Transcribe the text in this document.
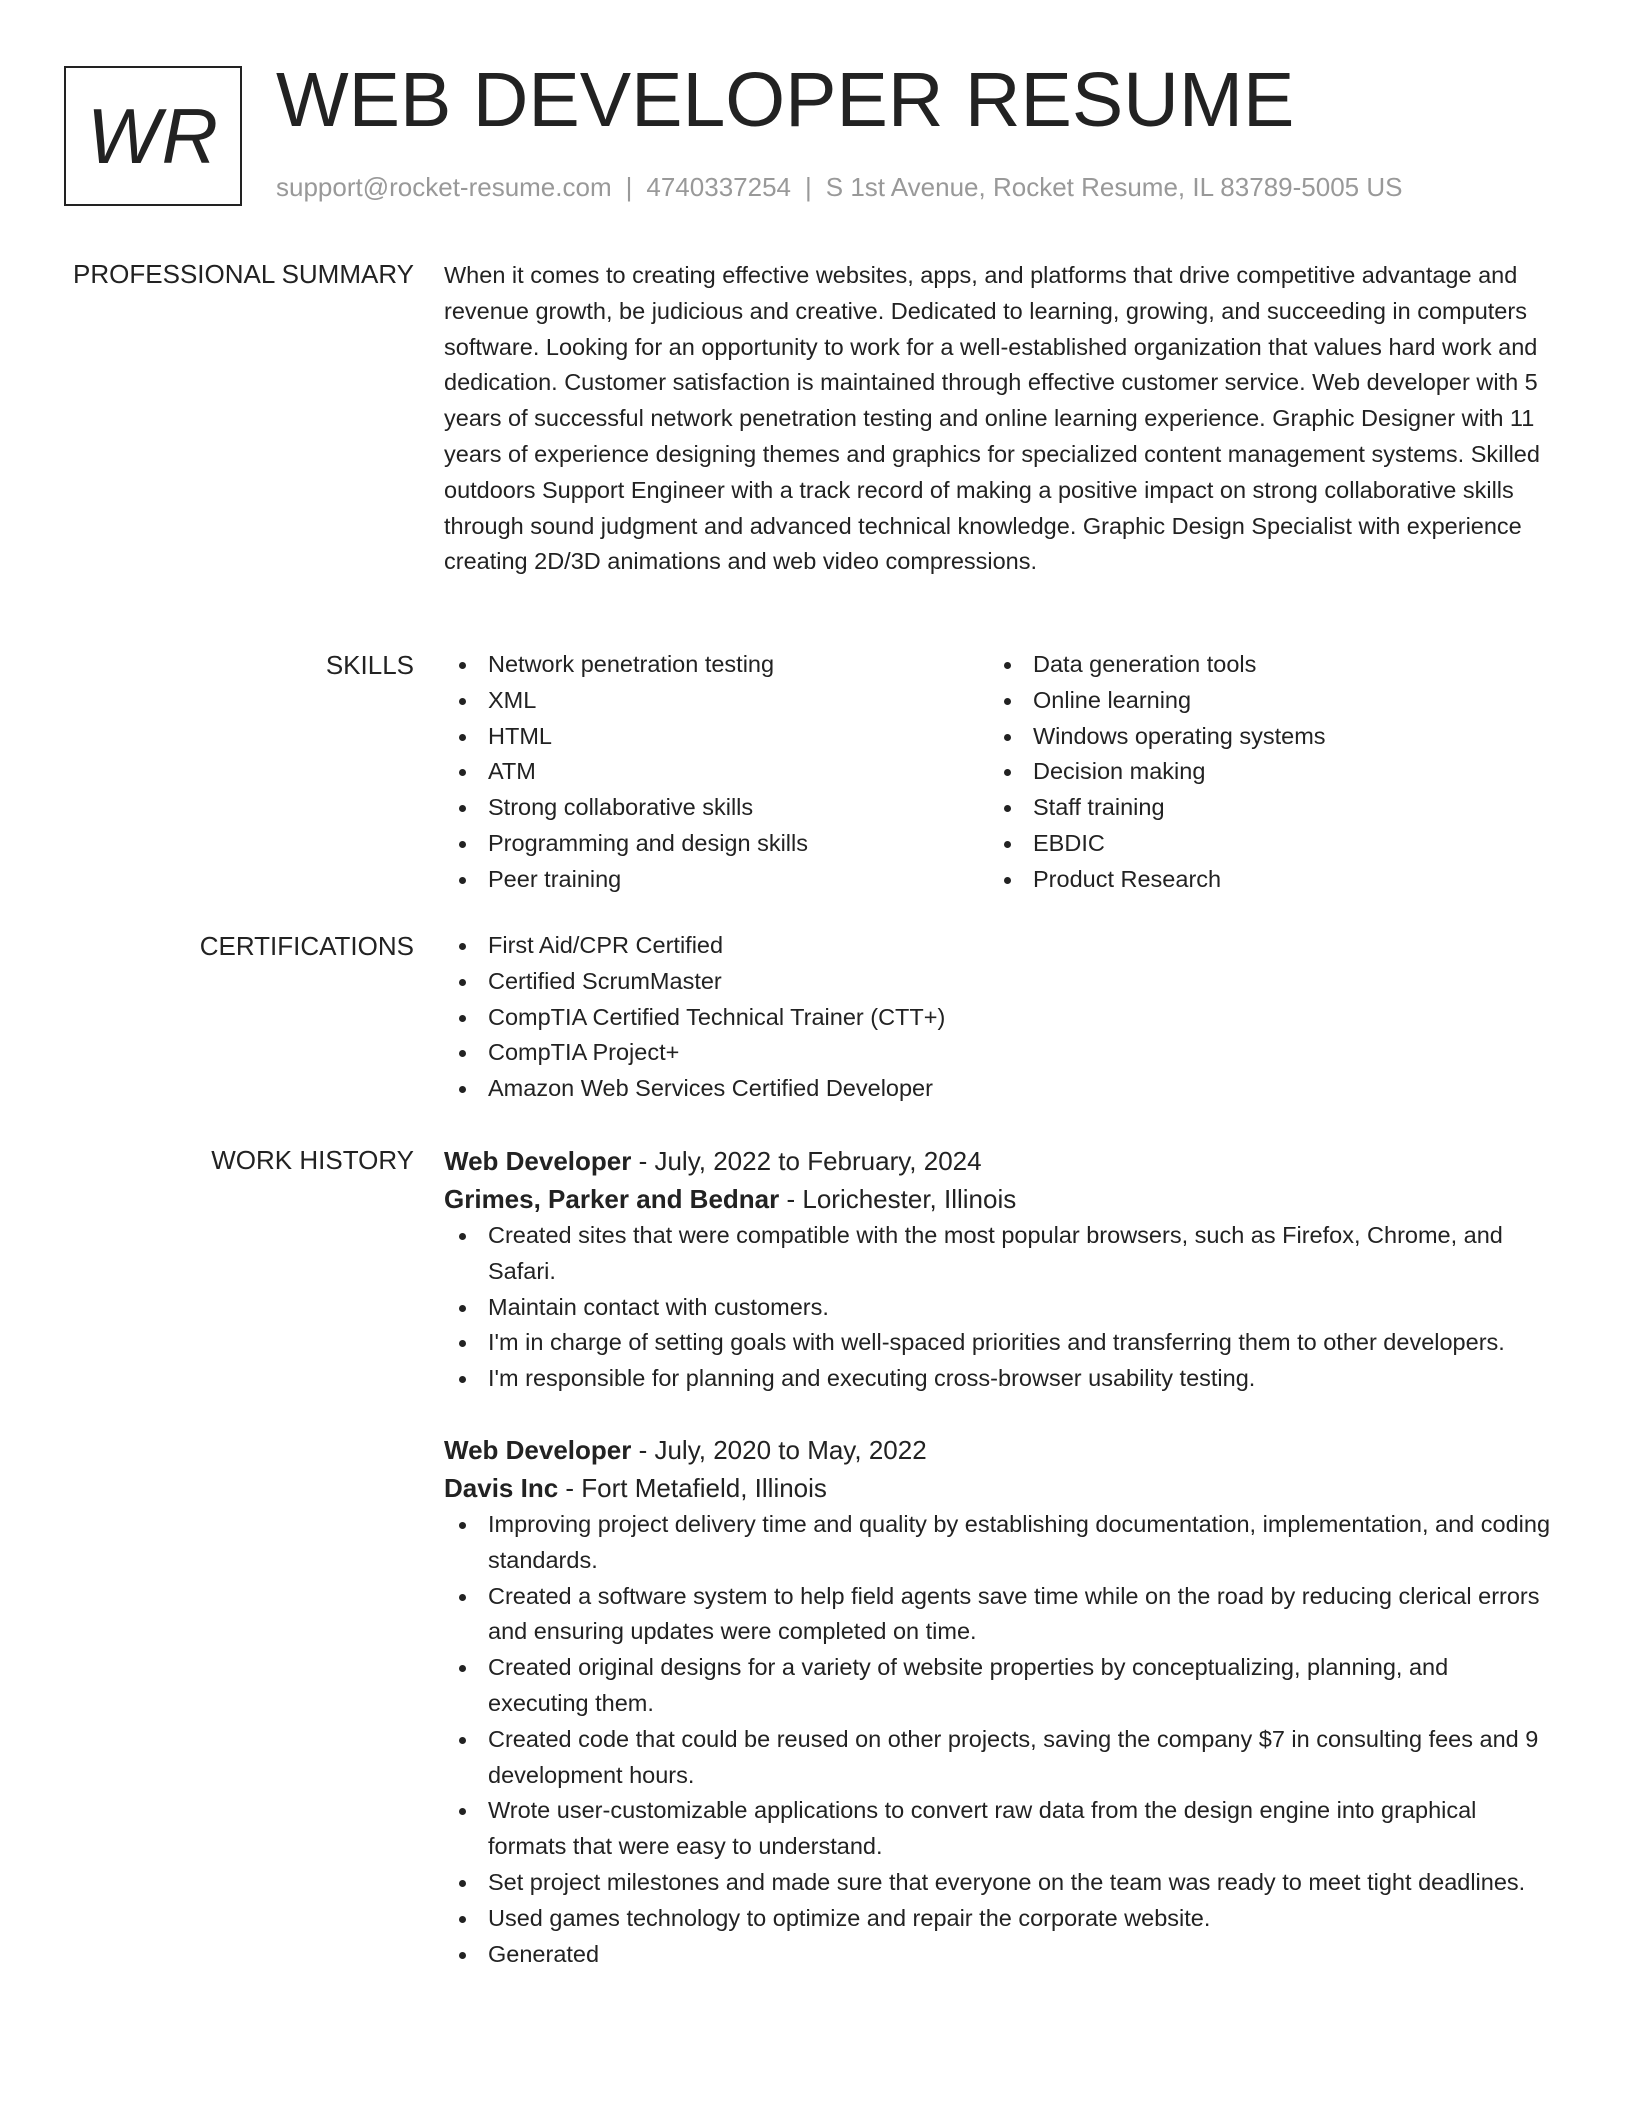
WR WEB DEVELOPER RESUME
support@rocket-resume.com | 4740337254 | S 1st Avenue, Rocket Resume, IL 83789-5005 US
PROFESSIONAL SUMMARY When it comes to creating effective websites, apps, and platforms that drive competitive advantage and revenue growth, be judicious and creative. Dedicated to learning, growing, and succeeding in computers software. Looking for an opportunity to work for a well-established organization that values hard work and dedication. Customer satisfaction is maintained through effective customer service. Web developer with 5 years of successful network penetration testing and online learning experience. Graphic Designer with 11 years of experience designing themes and graphics for specialized content management systems. Skilled outdoors Support Engineer with a track record of making a positive impact on strong collaborative skills through sound judgment and advanced technical knowledge. Graphic Design Specialist with experience creating 2D/3D animations and web video compressions.

SKILLS	Network penetration testing
XML
HTML
ATM
Strong collaborative skills
Programming and design skills
Peer training
Data generation tools
Online learning
Windows operating systems
Decision making
Staff training
EBDIC
Product Research
CERTIFICATIONS	First Aid/CPR Certified
Certified ScrumMaster
CompTIA Certified Technical Trainer (CTT+)
CompTIA Project+
Amazon Web Services Certified Developer
WORK HISTORY Web Developer - July, 2022 to February, 2024
Grimes, Parker and Bednar - Lorichester, Illinois
Created sites that were compatible with the most popular browsers, such as Firefox, Chrome, and Safari.
Maintain contact with customers.
I'm in charge of setting goals with well-spaced priorities and transferring them to other developers.
I'm responsible for planning and executing cross-browser usability testing.
Web Developer - July, 2020 to May, 2022
Davis Inc - Fort Metafield, Illinois
Improving project delivery time and quality by establishing documentation, implementation, and coding standards.
Created a software system to help field agents save time while on the road by reducing clerical errors and ensuring updates were completed on time.
Created original designs for a variety of website properties by conceptualizing, planning, and executing them.
Created code that could be reused on other projects, saving the company $7 in consulting fees and 9 development hours.
Wrote user-customizable applications to convert raw data from the design engine into graphical formats that were easy to understand.
Set project milestones and made sure that everyone on the team was ready to meet tight deadlines.
Used games technology to optimize and repair the corporate website.
Generated
